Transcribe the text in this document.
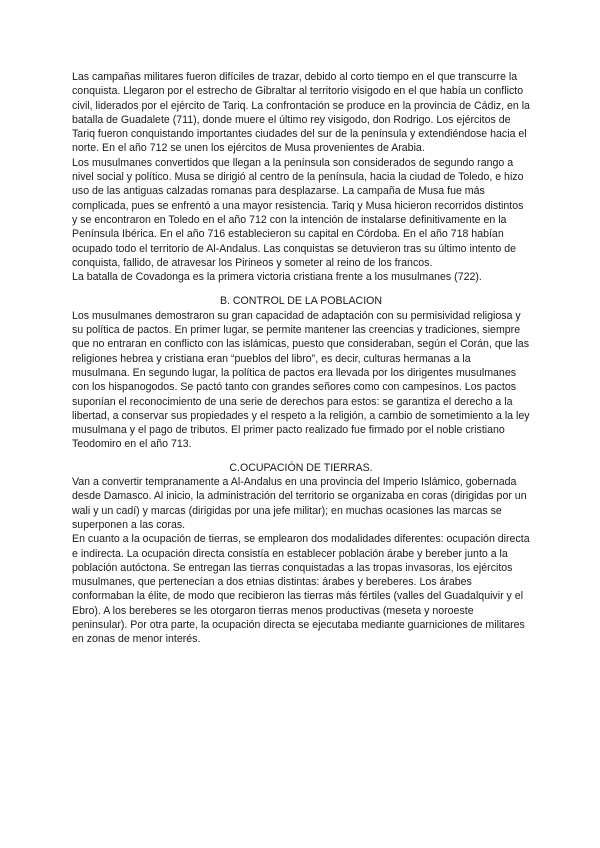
Las campañas militares fueron difíciles de trazar, debido al corto tiempo en el que transcurre la conquista. Llegaron por el estrecho de Gibraltar al territorio visigodo en el que había un conflicto civil, liderados por el ejército de Tariq. La confrontación se produce en la provincia de Cádiz, en la batalla de Guadalete (711), donde muere el último rey visigodo, don Rodrigo. Los ejércitos de Tariq fueron conquistando importantes ciudades del sur de la península y extendiéndose hacia el norte. En el año 712 se unen los ejércitos de Musa provenientes de Arabia.

Los musulmanes convertidos que llegan a la península son considerados de segundo rango a nivel social y político. Musa se dirigió al centro de la península, hacia la ciudad de Toledo, e hizo uso de las antiguas calzadas romanas para desplazarse. La campaña de Musa fue más complicada, pues se enfrentó a una mayor resistencia. Tariq y Musa hicieron recorridos distintos y se encontraron en Toledo en el año 712 con la intención de instalarse definitivamente en la Península Ibérica. En el año 716 establecieron su capital en Córdoba. En el año 718 habían ocupado todo el territorio de Al-Andalus. Las conquistas se detuvieron tras su último intento de conquista, fallido, de atravesar los Pirineos y someter al reino de los francos.

La batalla de Covadonga es la primera victoria cristiana frente a los musulmanes (722).

B. CONTROL DE LA POBLACION

Los musulmanes demostraron su gran capacidad de adaptación con su permisividad religiosa y su política de pactos. En primer lugar, se permite mantener las creencias y tradiciones, siempre que no entraran en conflicto con las islámicas, puesto que consideraban, según el Corán, que las religiones hebrea y cristiana eran “pueblos del libro”, es decir, culturas hermanas a la musulmana. En segundo lugar, la política de pactos era llevada por los dirigentes musulmanes con los hispanogodos. Se pactó tanto con grandes señores como con campesinos. Los pactos suponían el reconocimiento de una serie de derechos para estos: se garantiza el derecho a la libertad, a conservar sus propiedades y el respeto a la religión, a cambio de sometimiento a la ley musulmana y el pago de tributos. El primer pacto realizado fue firmado por el noble cristiano Teodomiro en el año 713.

C.OCUPACIÓN DE TIERRAS.

Van a convertir tempranamente a Al-Andalus en una provincia del Imperio Islámico, gobernada desde Damasco. Al inicio, la administración del territorio se organizaba en coras (dirigidas por un wali y un cadí) y marcas (dirigidas por una jefe militar); en muchas ocasiones las marcas se superponen a las coras.

En cuanto a la ocupación de tierras, se emplearon dos modalidades diferentes: ocupación directa e indirecta. La ocupación directa consistía en establecer población árabe y bereber junto a la población autóctona. Se entregan las tierras conquistadas a las tropas invasoras, los ejércitos musulmanes, que pertenecían a dos etnias distintas: árabes y bereberes. Los árabes conformaban la élite, de modo que recibieron las tierras más fértiles (valles del Guadalquivir y el Ebro). A los bereberes se les otorgaron tierras menos productivas (meseta y noroeste peninsular). Por otra parte, la ocupación directa se ejecutaba mediante guarniciones de militares en zonas de menor interés.
